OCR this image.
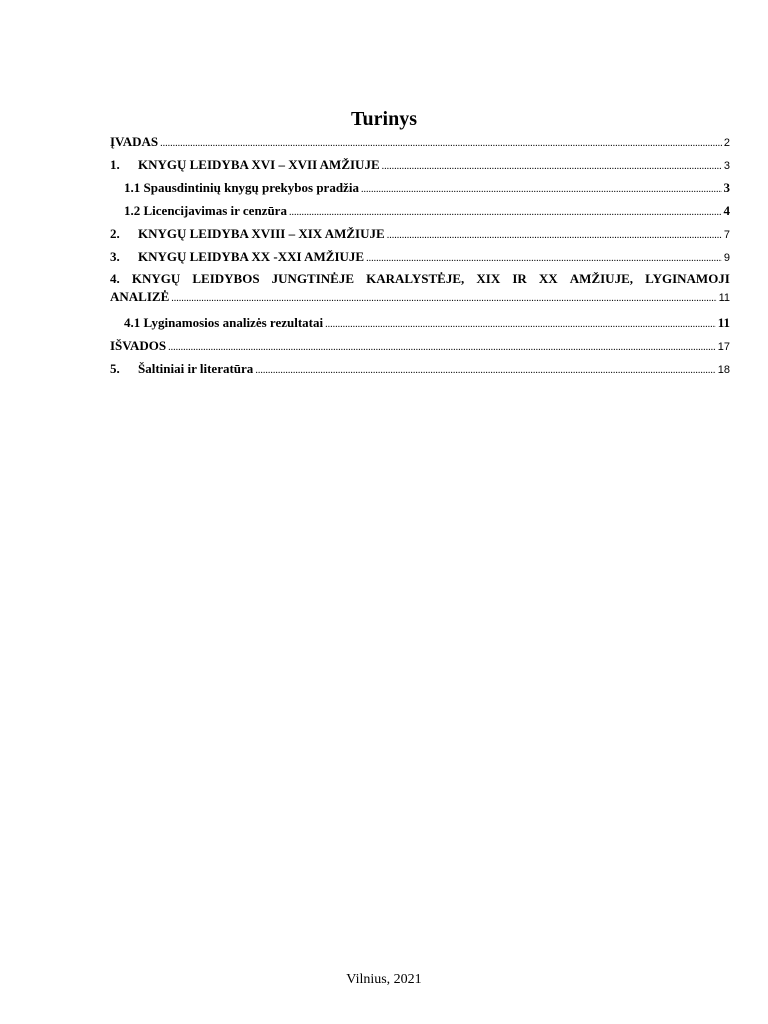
Turinys
ĮVADAS .....	2
1.	KNYGŲ LEIDYBA XVI – XVII AMŽIUJE .....	3
1.1 Spausdintinių knygų prekybos pradžia .....	3
1.2 Licencijavimas ir cenzūra .....	4
2.	KNYGŲ LEIDYBA XVIII – XIX AMŽIUJE .....	7
3.	KNYGŲ LEIDYBA XX -XXI AMŽIUJE .....	9
4. KNYGŲ LEIDYBOS JUNGTINĖJE KARALYSTĖJE, XIX IR XX AMŽIUJE, LYGINAMOJI
ANALIZĖ .....	11
4.1 Lyginamosios analizės rezultatai .....	11
IŠVADOS .....	17
5.	Šaltiniai ir literatūra .....	18
Vilnius, 2021
